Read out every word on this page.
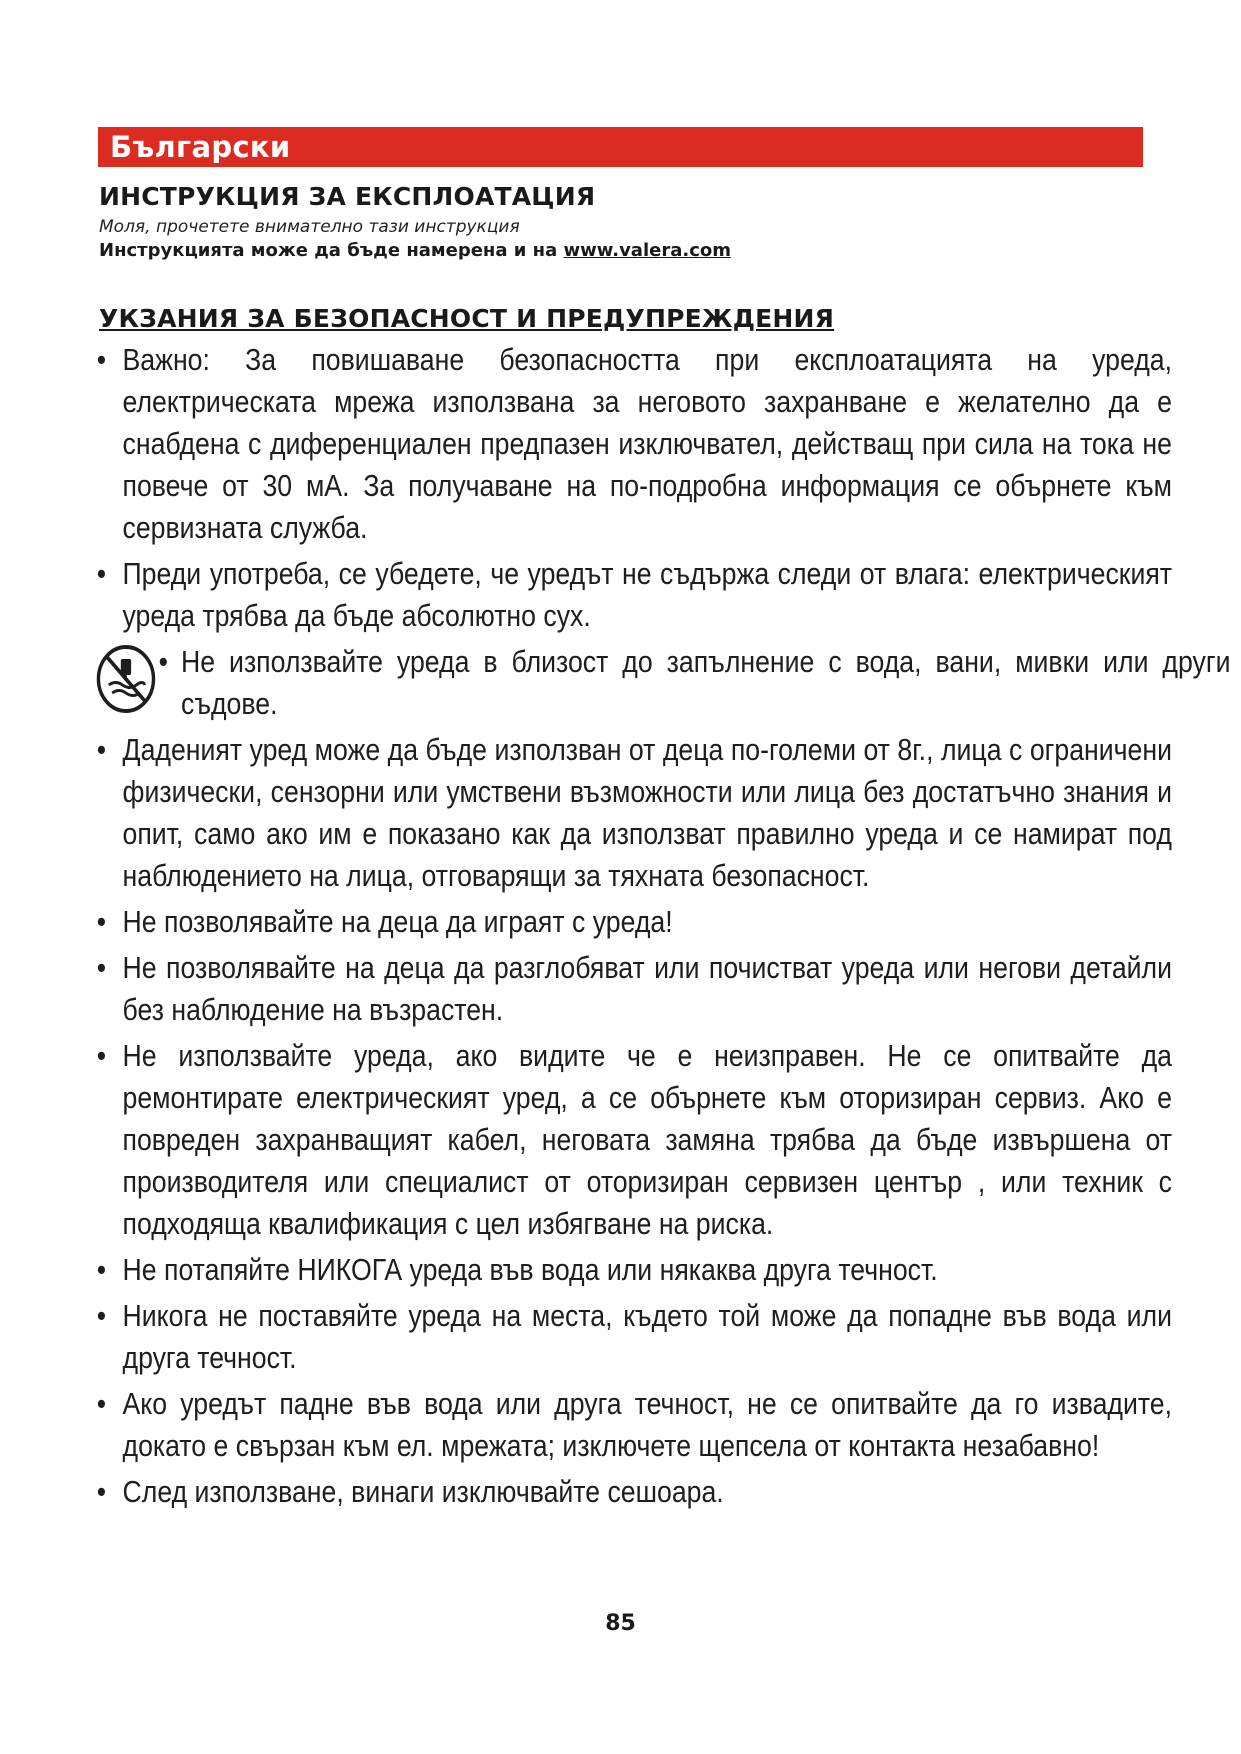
Български
ИНСТРУКЦИЯ ЗА ЕКСПЛОАТАЦИЯ
Моля, прочетете внимателно тази инструкция
Инструкцията може да бъде намерена и на www.valera.com
УКЗАНИЯ ЗА БЕЗОПАСНОСТ И ПРЕДУПРЕЖДЕНИЯ
• Важно: За повишаване безопасността при експлоатацията на уреда, електрическата мрежа използвана за неговото захранване е желателно да е снабдена с диференциален предпазен изключвател, действащ при сила на тока не повече от 30 мА. За получаване на по-подробна информация се обърнете към сервизната служба.
• Преди употреба, се убедете, че уредът не съдържа следи от влага: електрическият уреда трябва да бъде абсолютно сух.
• Не използвайте уреда в близост до запълнение с вода, вани, мивки или други съдове.
• Даденият уред може да бъде използван от деца по-големи от 8г., лица с ограничени физически, сензорни или умствени възможности или лица без достатъчно знания и опит, само ако им е показано как да използват правилно уреда и се намират под наблюдението на лица, отговарящи за тяхната безопасност.
• Не позволявайте на деца да играят с уреда!
• Не позволявайте на деца да разглобяват или почистват уреда или негови детайли без наблюдение на възрастен.
• Не използвайте уреда, ако видите че е неизправен. Не се опитвайте да ремонтирате електрическият уред, а се обърнете към оторизиран сервиз. Ако е повреден захранващият кабел, неговата замяна трябва да бъде извършена от производителя или специалист от оторизиран сервизен център , или техник с подходяща квалификация с цел избягване на риска.
• Не потапяйте НИКОГА уреда във вода или някаква друга течност.
• Никога не поставяйте уреда на места, където той може да попадне във вода или друга течност.
• Ако уредът падне във вода или друга течност, не се опитвайте да го извадите, докато е свързан към ел. мрежата; изключете щепсела от контакта незабавно!
• След използване, винаги изключвайте сешоара.
85
